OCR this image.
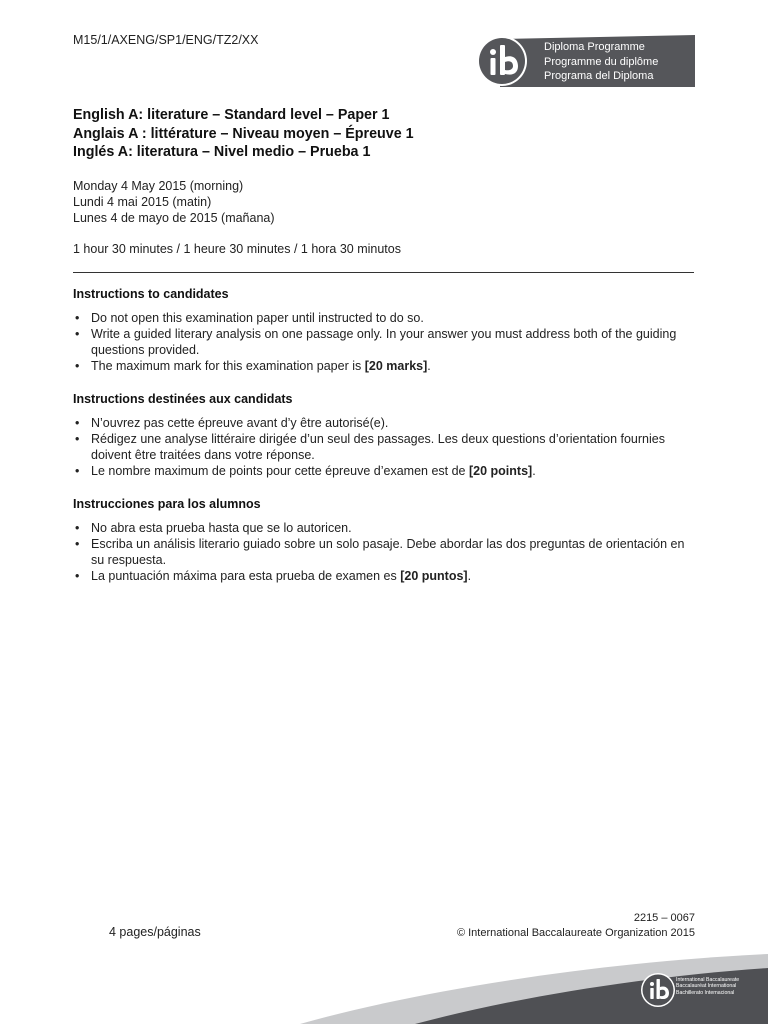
M15/1/AXENG/SP1/ENG/TZ2/XX	Diploma Programme
Programme du diplôme
Programa del Diploma
English A: literature – Standard level – Paper 1
Anglais A : littérature – Niveau moyen – Épreuve 1
Inglés A: literatura – Nivel medio – Prueba 1
Monday 4 May 2015 (morning)
Lundi 4 mai 2015 (matin)
Lunes 4 de mayo de 2015 (mañana)
1 hour 30 minutes / 1 heure 30 minutes / 1 hora 30 minutos
Instructions to candidates
• Do not open this examination paper until instructed to do so.
• Write a guided literary analysis on one passage only. In your answer you must address both of the guiding questions provided.
• The maximum mark for this examination paper is [20 marks].
Instructions destinées aux candidats
• N’ouvrez pas cette épreuve avant d’y être autorisé(e).
• Rédigez une analyse littéraire dirigée d’un seul des passages. Les deux questions d’orientation fournies doivent être traitées dans votre réponse.
• Le nombre maximum de points pour cette épreuve d’examen est de [20 points].
Instrucciones para los alumnos
• No abra esta prueba hasta que se lo autoricen.
• Escriba un análisis literario guiado sobre un solo pasaje. Debe abordar las dos preguntas de orientación en su respuesta.
• La puntuación máxima para esta prueba de examen es [20 puntos].
4 pages/páginas
2215 – 0067
© International Baccalaureate Organization 2015
International Baccalaureate
Baccalauréat International
Bachillerato Internacional
